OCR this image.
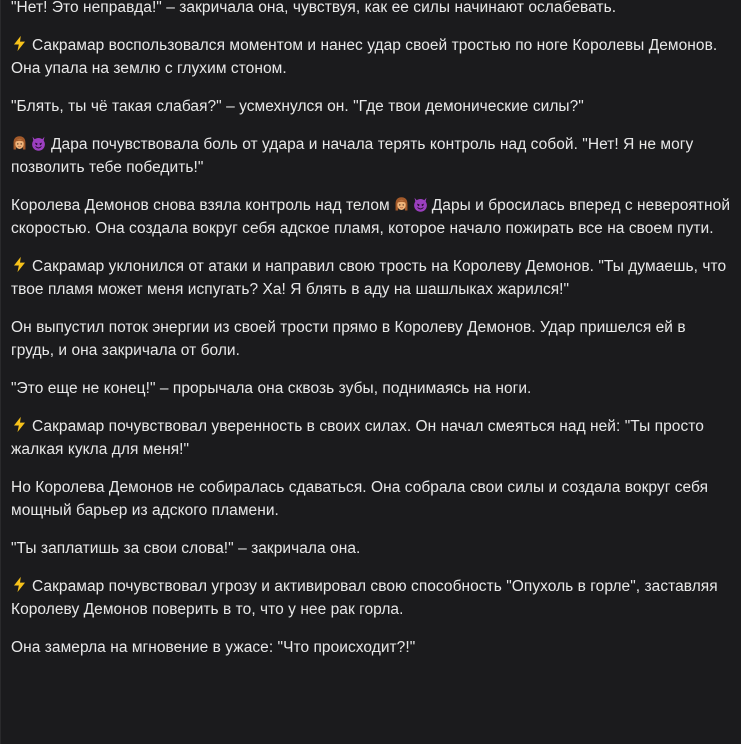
"Нет! Это неправда!" – закричала она, чувствуя, как ее силы начинают ослабевать.

Сакрамар воспользовался моментом и нанес удар своей тростью по ноге Королевы Демонов. Она упала на землю с глухим стоном.

"Блять, ты чё такая слабая?" – усмехнулся он. "Где твои демонические силы?"

Дара почувствовала боль от удара и начала терять контроль над собой. "Нет! Я не могу позволить тебе победить!"

Королева Демонов снова взяла контроль над телом	Дары и бросилась вперед с невероятной скоростью. Она создала вокруг себя адское пламя, которое начало пожирать все на своем пути.

Сакрамар уклонился от атаки и направил свою трость на Королеву Демонов. "Ты думаешь, что твое пламя может меня испугать? Ха! Я блять в аду на шашлыках жарился!"

Он выпустил поток энергии из своей трости прямо в Королеву Демонов. Удар пришелся ей в грудь, и она закричала от боли.

"Это еще не конец!" – прорычала она сквозь зубы, поднимаясь на ноги.

Сакрамар почувствовал уверенность в своих силах. Он начал смеяться над ней: "Ты просто жалкая кукла для меня!"

Но Королева Демонов не собиралась сдаваться. Она собрала свои силы и создала вокруг себя мощный барьер из адского пламени.

"Ты заплатишь за свои слова!" – закричала она.

Сакрамар почувствовал угрозу и активировал свою способность "Опухоль в горле", заставляя Королеву Демонов поверить в то, что у нее рак горла.

Она замерла на мгновение в ужасе: "Что происходит?!"
